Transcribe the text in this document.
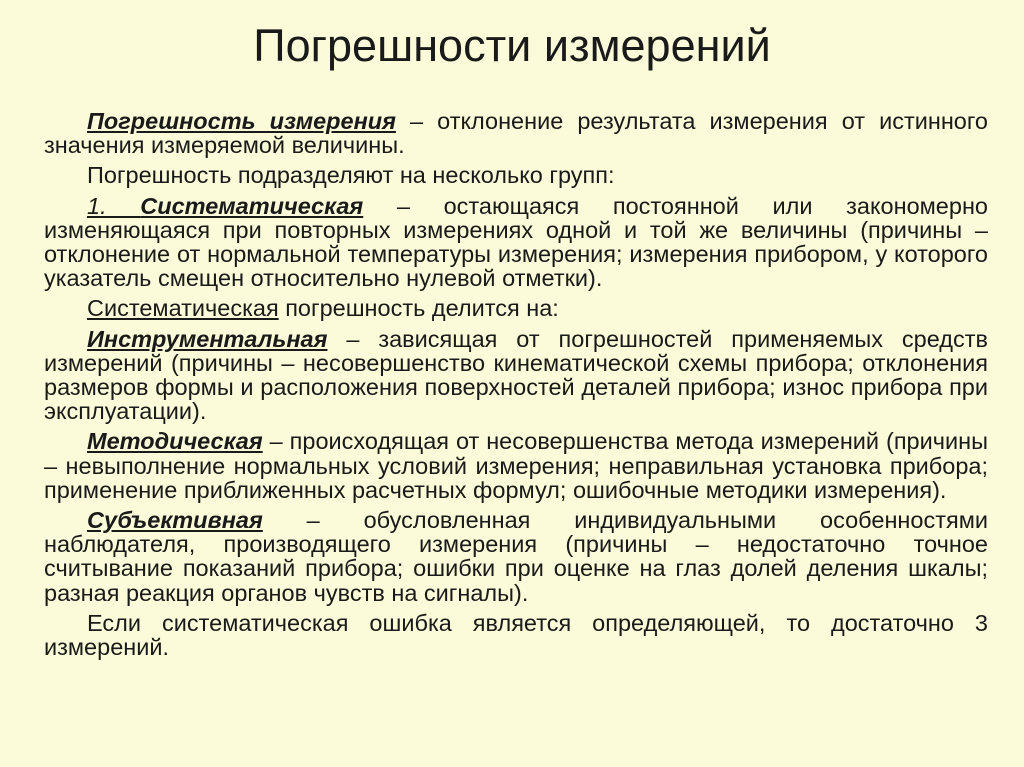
Погрешности измерений

Погрешность измерения – отклонение результата измерения от истинного значения измеряемой величины.

Погрешность подразделяют на несколько групп:

1. Систематическая – остающаяся постоянной или закономерно изменяющаяся при повторных измерениях одной и той же величины (причины – отклонение от нормальной температуры измерения; измерения прибором, у которого указатель смещен относительно нулевой отметки).

Систематическая погрешность делится на:

Инструментальная – зависящая от погрешностей применяемых средств измерений (причины – несовершенство кинематической схемы прибора; отклонения размеров формы и расположения поверхностей деталей прибора; износ прибора при эксплуатации).

Методическая – происходящая от несовершенства метода измерений (причины – невыполнение нормальных условий измерения; неправильная установка прибора; применение приближенных расчетных формул; ошибочные методики измерения).

Субъективная – обусловленная индивидуальными особенностями наблюдателя, производящего измерения (причины – недостаточно точное считывание показаний прибора; ошибки при оценке на глаз долей деления шкалы; разная реакция органов чувств на сигналы).

Если систематическая ошибка является определяющей, то достаточно 3 измерений.
